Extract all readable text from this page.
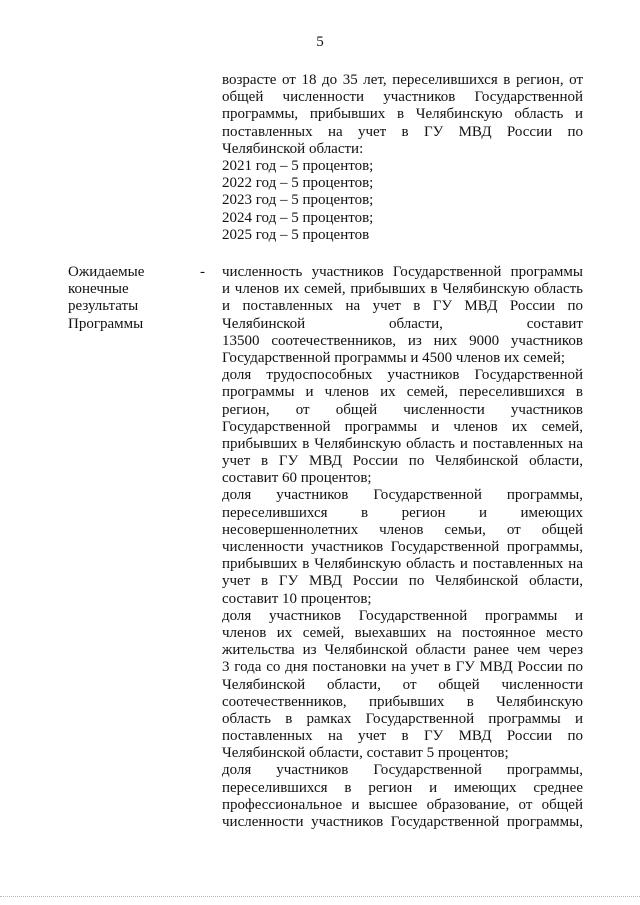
5
возрасте от 18 до 35 лет, переселившихся в регион, от
общей численности участников Государственной
программы, прибывших в Челябинскую область и
поставленных на учет в ГУ МВД России по
Челябинской области:
2021 год – 5 процентов;
2022 год – 5 процентов;
2023 год – 5 процентов;
2024 год – 5 процентов;
2025 год – 5 процентов
Ожидаемые
конечные
результаты
Программы
- численность участников Государственной программы
и членов их семей, прибывших в Челябинскую область
и поставленных на учет в ГУ МВД России по
Челябинской области, составит
13500 соотечественников, из них 9000 участников
Государственной программы и 4500 членов их семей;
доля трудоспособных участников Государственной
программы и членов их семей, переселившихся в
регион, от общей численности участников
Государственной программы и членов их семей,
прибывших в Челябинскую область и поставленных на
учет в ГУ МВД России по Челябинской области,
составит 60 процентов;
доля участников Государственной программы,
переселившихся в регион и имеющих
несовершеннолетних членов семьи, от общей
численности участников Государственной программы,
прибывших в Челябинскую область и поставленных на
учет в ГУ МВД России по Челябинской области,
составит 10 процентов;
доля участников Государственной программы и
членов их семей, выехавших на постоянное место
жительства из Челябинской области ранее чем через
3 года со дня постановки на учет в ГУ МВД России по
Челябинской области, от общей численности
соотечественников, прибывших в Челябинскую
область в рамках Государственной программы и
поставленных на учет в ГУ МВД России по
Челябинской области, составит 5 процентов;
доля участников Государственной программы,
переселившихся в регион и имеющих среднее
профессиональное и высшее образование, от общей
численности участников Государственной программы,
